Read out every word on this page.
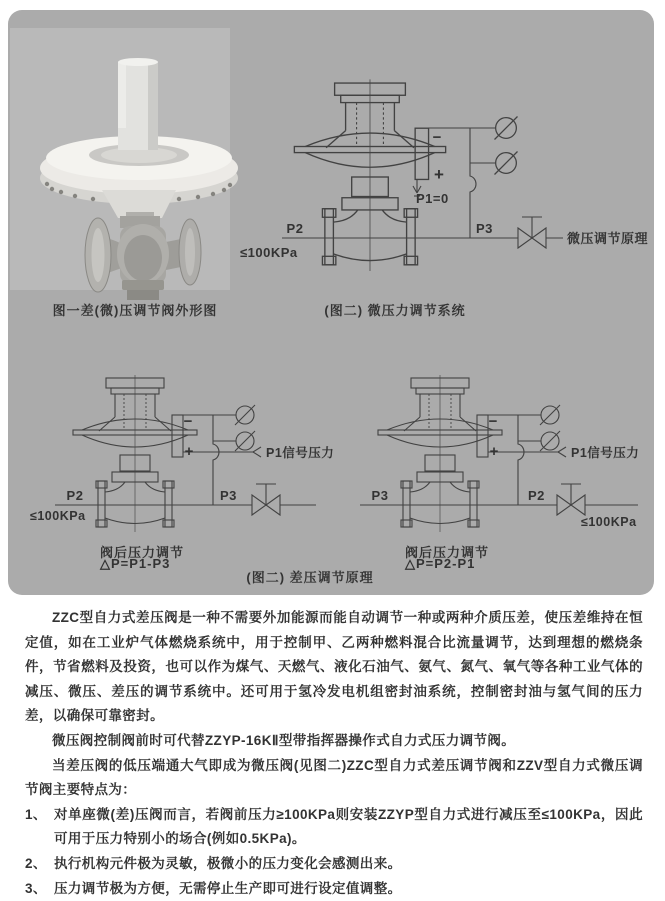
−
+
P1=0
P2
≤100KPa
P3
微压调节原理
−
+
P2
≤100KPa
P3
P1信号压力
−
+
P3	P2
≤100KPa
P1信号压力
图一差(微)压调节阀外形图	(图二) 微压力调节系统
阀后压力调节
△P=P1-P3
阀后压力调节
△P=P2-P1
(图二) 差压调节原理

ZZC型自力式差压阀是一种不需要外加能源而能自动调节一种或两种介质压差，使压差维持在恒定值，如在工业炉气体燃烧系统中，用于控制甲、乙两种燃料混合比流量调节，达到理想的燃烧条件，节省燃料及投资，也可以作为煤气、天燃气、液化石油气、氨气、氮气、氧气等各种工业气体的减压、微压、差压的调节系统中。还可用于氢冷发电机组密封油系统，控制密封油与氢气间的压力差，以确保可靠密封。

微压阀控制阀前时可代替ZZYP-16KⅡ型带指挥器操作式自力式压力调节阀。

当差压阀的低压端通大气即成为微压阀(见图二)ZZC型自力式差压调节阀和ZZV型自力式微压调节阀主要特点为：

1、 对单座微(差)压阀而言，若阀前压力≥100KPa则安装ZZYP型自力式进行减压至≤100KPa，因此可用于压力特别小的场合(例如0.5KPa)。
2、 执行机构元件极为灵敏，极微小的压力变化会感测出来。
3、 压力调节极为方便，无需停止生产即可进行设定值调整。
